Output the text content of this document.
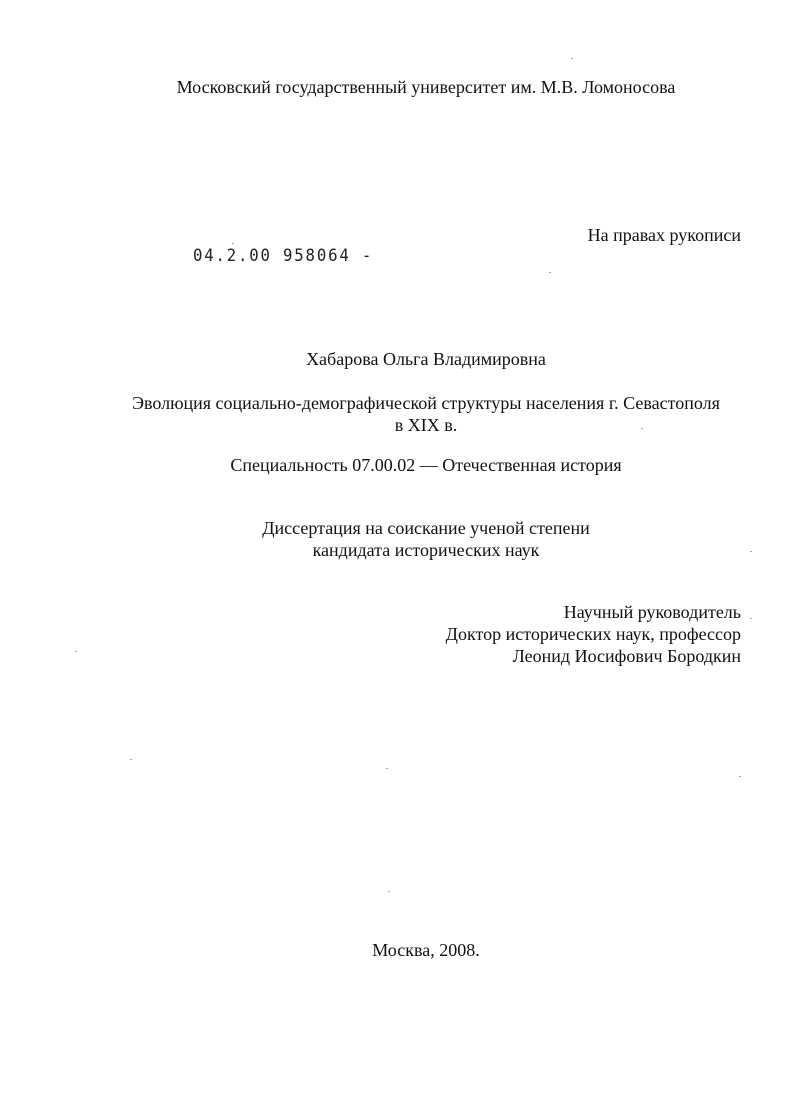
Московский государственный университет им. М.В. Ломоносова
На правах рукописи
04.2.00 958064 -
Хабарова Ольга Владимировна
Эволюция социально-демографической структуры населения г. Севастополя
в XIX в.
Специальность 07.00.02 — Отечественная история
Диссертация на соискание ученой степени
кандидата исторических наук
Научный руководитель
Доктор исторических наук, профессор
Леонид Иосифович Бородкин
Москва, 2008.
